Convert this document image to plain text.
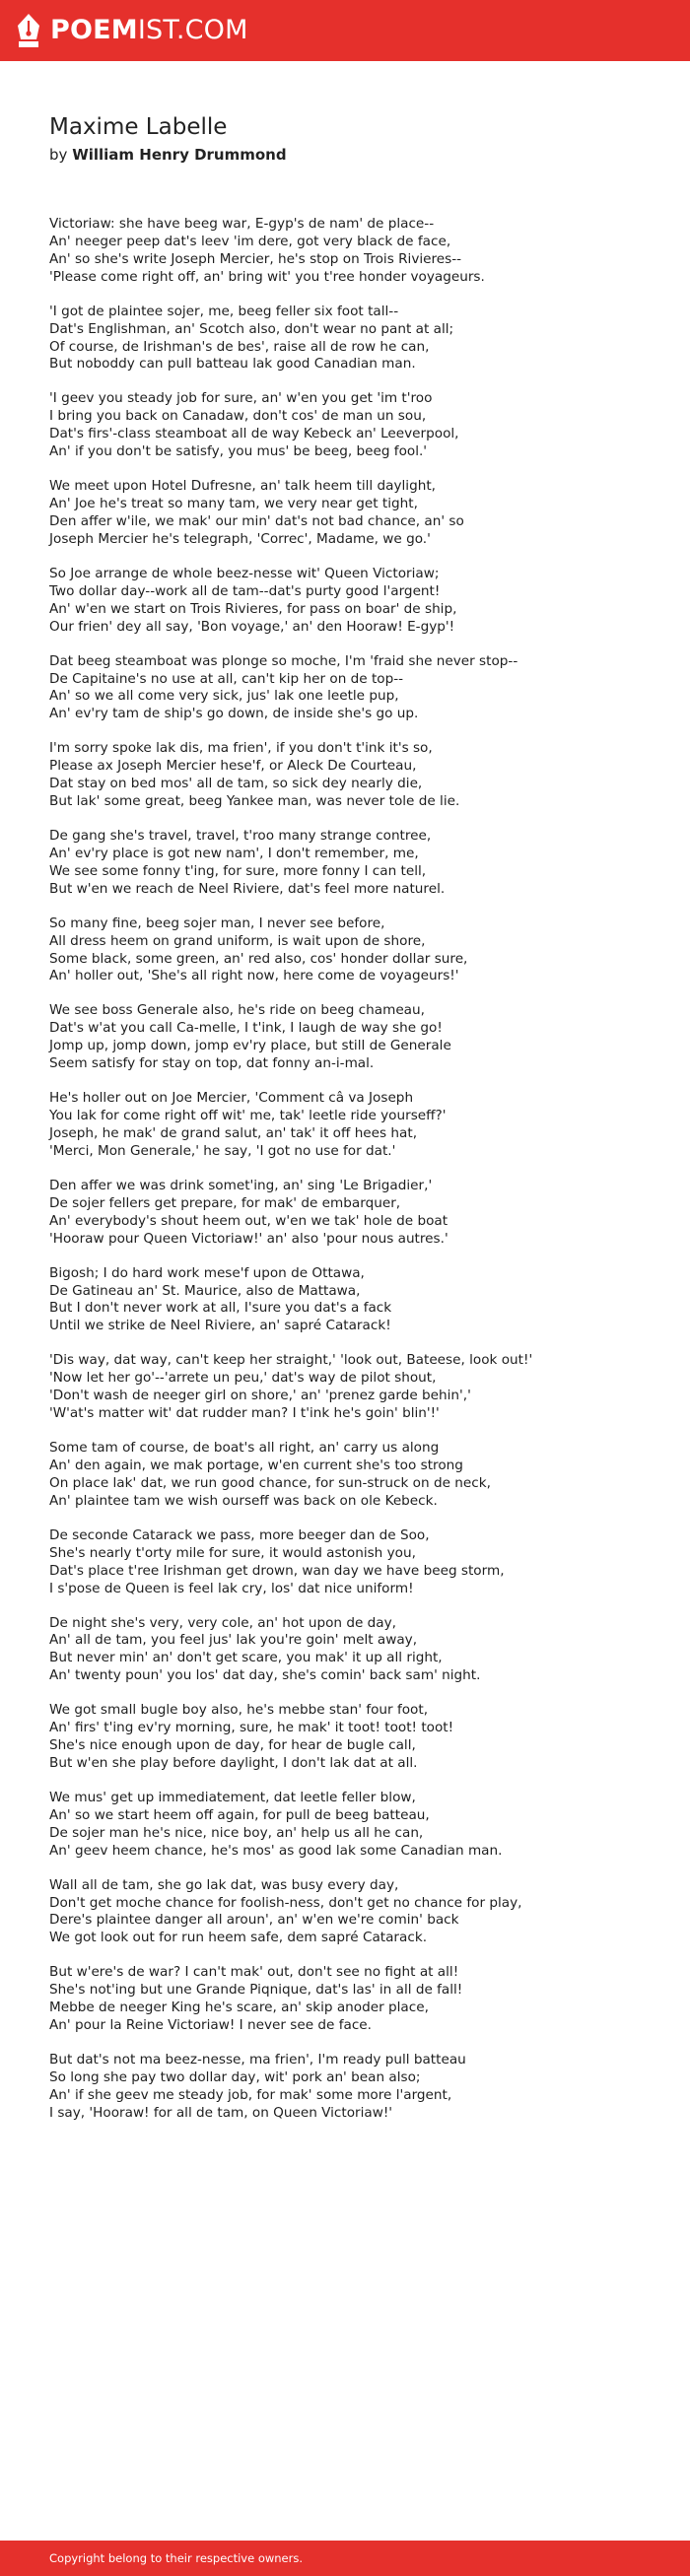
POEMIST.COM
Maxime Labelle
by William Henry Drummond

Victoriaw: she have beeg war, E-gyp's de nam' de place--
An' neeger peep dat's leev 'im dere, got very black de face,
An' so she's write Joseph Mercier, he's stop on Trois Rivieres--
'Please come right off, an' bring wit' you t'ree honder voyageurs.

'I got de plaintee sojer, me, beeg feller six foot tall--
Dat's Englishman, an' Scotch also, don't wear no pant at all;
Of course, de Irishman's de bes', raise all de row he can,
But noboddy can pull batteau lak good Canadian man.

'I geev you steady job for sure, an' w'en you get 'im t'roo
I bring you back on Canadaw, don't cos' de man un sou,
Dat's firs'-class steamboat all de way Kebeck an' Leeverpool,
An' if you don't be satisfy, you mus' be beeg, beeg fool.'

We meet upon Hotel Dufresne, an' talk heem till daylight,
An' Joe he's treat so many tam, we very near get tight,
Den affer w'ile, we mak' our min' dat's not bad chance, an' so
Joseph Mercier he's telegraph, 'Correc', Madame, we go.'

So Joe arrange de whole beez-nesse wit' Queen Victoriaw;
Two dollar day--work all de tam--dat's purty good l'argent!
An' w'en we start on Trois Rivieres, for pass on boar' de ship,
Our frien' dey all say, 'Bon voyage,' an' den Hooraw! E-gyp'!

Dat beeg steamboat was plonge so moche, I'm 'fraid she never stop--
De Capitaine's no use at all, can't kip her on de top--
An' so we all come very sick, jus' lak one leetle pup,
An' ev'ry tam de ship's go down, de inside she's go up.

I'm sorry spoke lak dis, ma frien', if you don't t'ink it's so,
Please ax Joseph Mercier hese'f, or Aleck De Courteau,
Dat stay on bed mos' all de tam, so sick dey nearly die,
But lak' some great, beeg Yankee man, was never tole de lie.

De gang she's travel, travel, t'roo many strange contree,
An' ev'ry place is got new nam', I don't remember, me,
We see some fonny t'ing, for sure, more fonny I can tell,
But w'en we reach de Neel Riviere, dat's feel more naturel.

So many fine, beeg sojer man, I never see before,
All dress heem on grand uniform, is wait upon de shore,
Some black, some green, an' red also, cos' honder dollar sure,
An' holler out, 'She's all right now, here come de voyageurs!'

We see boss Generale also, he's ride on beeg chameau,
Dat's w'at you call Ca-melle, I t'ink, I laugh de way she go!
Jomp up, jomp down, jomp ev'ry place, but still de Generale
Seem satisfy for stay on top, dat fonny an-i-mal.

He's holler out on Joe Mercier, 'Comment câ va Joseph
You lak for come right off wit' me, tak' leetle ride yourseff?'
Joseph, he mak' de grand salut, an' tak' it off hees hat,
'Merci, Mon Generale,' he say, 'I got no use for dat.'

Den affer we was drink somet'ing, an' sing 'Le Brigadier,'
De sojer fellers get prepare, for mak' de embarquer,
An' everybody's shout heem out, w'en we tak' hole de boat
'Hooraw pour Queen Victoriaw!' an' also 'pour nous autres.'

Bigosh; I do hard work mese'f upon de Ottawa,
De Gatineau an' St. Maurice, also de Mattawa,
But I don't never work at all, I'sure you dat's a fack
Until we strike de Neel Riviere, an' sapré Catarack!

'Dis way, dat way, can't keep her straight,' 'look out, Bateese, look out!'
'Now let her go'--'arrete un peu,' dat's way de pilot shout,
'Don't wash de neeger girl on shore,' an' 'prenez garde behin','
'W'at's matter wit' dat rudder man? I t'ink he's goin' blin'!'

Some tam of course, de boat's all right, an' carry us along
An' den again, we mak portage, w'en current she's too strong
On place lak' dat, we run good chance, for sun-struck on de neck,
An' plaintee tam we wish ourseff was back on ole Kebeck.

De seconde Catarack we pass, more beeger dan de Soo,
She's nearly t'orty mile for sure, it would astonish you,
Dat's place t'ree Irishman get drown, wan day we have beeg storm,
I s'pose de Queen is feel lak cry, los' dat nice uniform!

De night she's very, very cole, an' hot upon de day,
An' all de tam, you feel jus' lak you're goin' melt away,
But never min' an' don't get scare, you mak' it up all right,
An' twenty poun' you los' dat day, she's comin' back sam' night.

We got small bugle boy also, he's mebbe stan' four foot,
An' firs' t'ing ev'ry morning, sure, he mak' it toot! toot! toot!
She's nice enough upon de day, for hear de bugle call,
But w'en she play before daylight, I don't lak dat at all.

We mus' get up immediatement, dat leetle feller blow,
An' so we start heem off again, for pull de beeg batteau,
De sojer man he's nice, nice boy, an' help us all he can,
An' geev heem chance, he's mos' as good lak some Canadian man.

Wall all de tam, she go lak dat, was busy every day,
Don't get moche chance for foolish-ness, don't get no chance for play,
Dere's plaintee danger all aroun', an' w'en we're comin' back
We got look out for run heem safe, dem sapré Catarack.

But w'ere's de war? I can't mak' out, don't see no fight at all!
She's not'ing but une Grande Piqnique, dat's las' in all de fall!
Mebbe de neeger King he's scare, an' skip anoder place,
An' pour la Reine Victoriaw! I never see de face.

But dat's not ma beez-nesse, ma frien', I'm ready pull batteau
So long she pay two dollar day, wit' pork an' bean also;
An' if she geev me steady job, for mak' some more l'argent,
I say, 'Hooraw! for all de tam, on Queen Victoriaw!'

Copyright belong to their respective owners.
